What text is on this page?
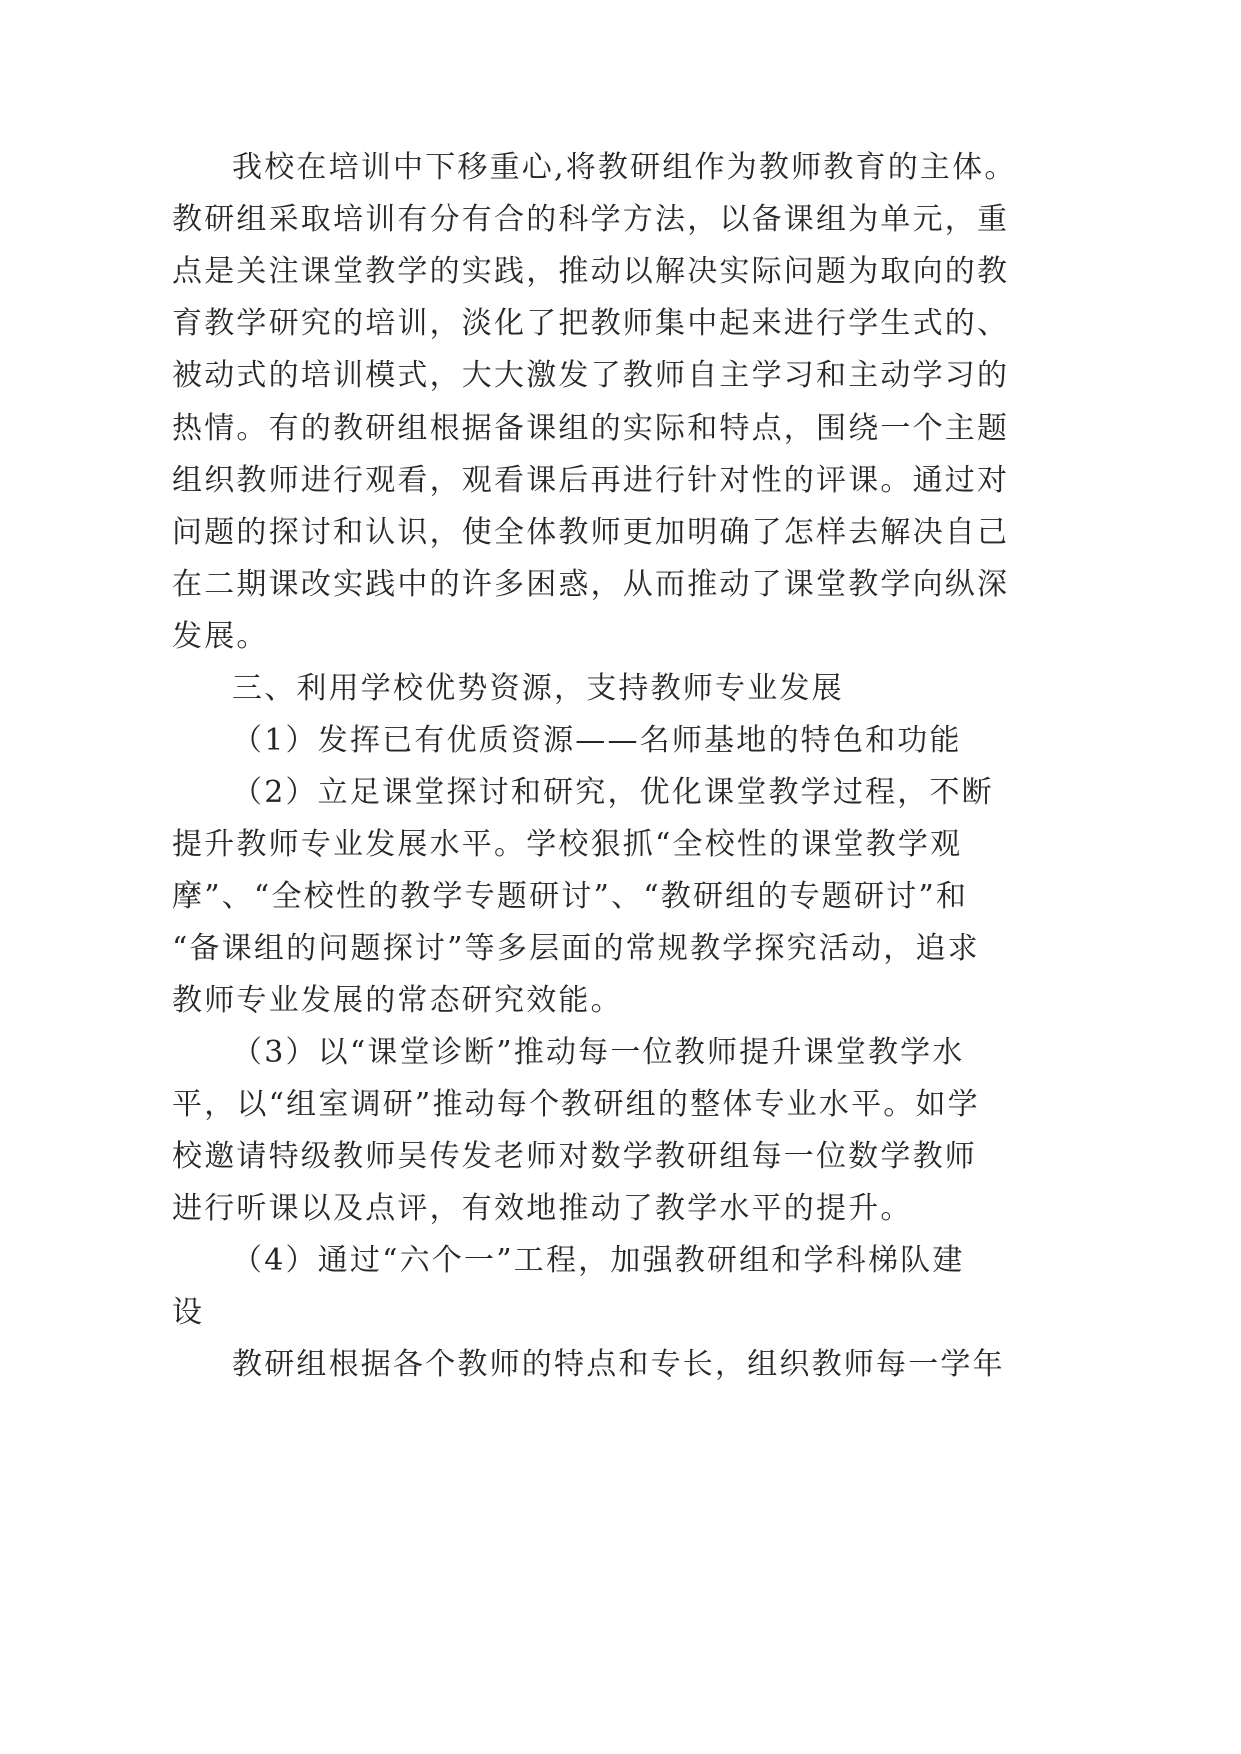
我校在培训中下移重心,将教研组作为教师教育的主体。
教研组采取培训有分有合的科学方法，以备课组为单元，重
点是关注课堂教学的实践，推动以解决实际问题为取向的教
育教学研究的培训，淡化了把教师集中起来进行学生式的、
被动式的培训模式，大大激发了教师自主学习和主动学习的
热情。有的教研组根据备课组的实际和特点，围绕一个主题
组织教师进行观看，观看课后再进行针对性的评课。通过对
问题的探讨和认识，使全体教师更加明确了怎样去解决自己
在二期课改实践中的许多困惑，从而推动了课堂教学向纵深
发展。
三、利用学校优势资源，支持教师专业发展
（1）发挥已有优质资源——名师基地的特色和功能
（2）立足课堂探讨和研究，优化课堂教学过程，不断
提升教师专业发展水平。学校狠抓“全校性的课堂教学观
摩”、“全校性的教学专题研讨”、“教研组的专题研讨”和
“备课组的问题探讨”等多层面的常规教学探究活动，追求
教师专业发展的常态研究效能。
（3）以“课堂诊断”推动每一位教师提升课堂教学水
平，以“组室调研”推动每个教研组的整体专业水平。如学
校邀请特级教师吴传发老师对数学教研组每一位数学教师
进行听课以及点评，有效地推动了教学水平的提升。
（4）通过“六个一”工程，加强教研组和学科梯队建
设
教研组根据各个教师的特点和专长，组织教师每一学年
